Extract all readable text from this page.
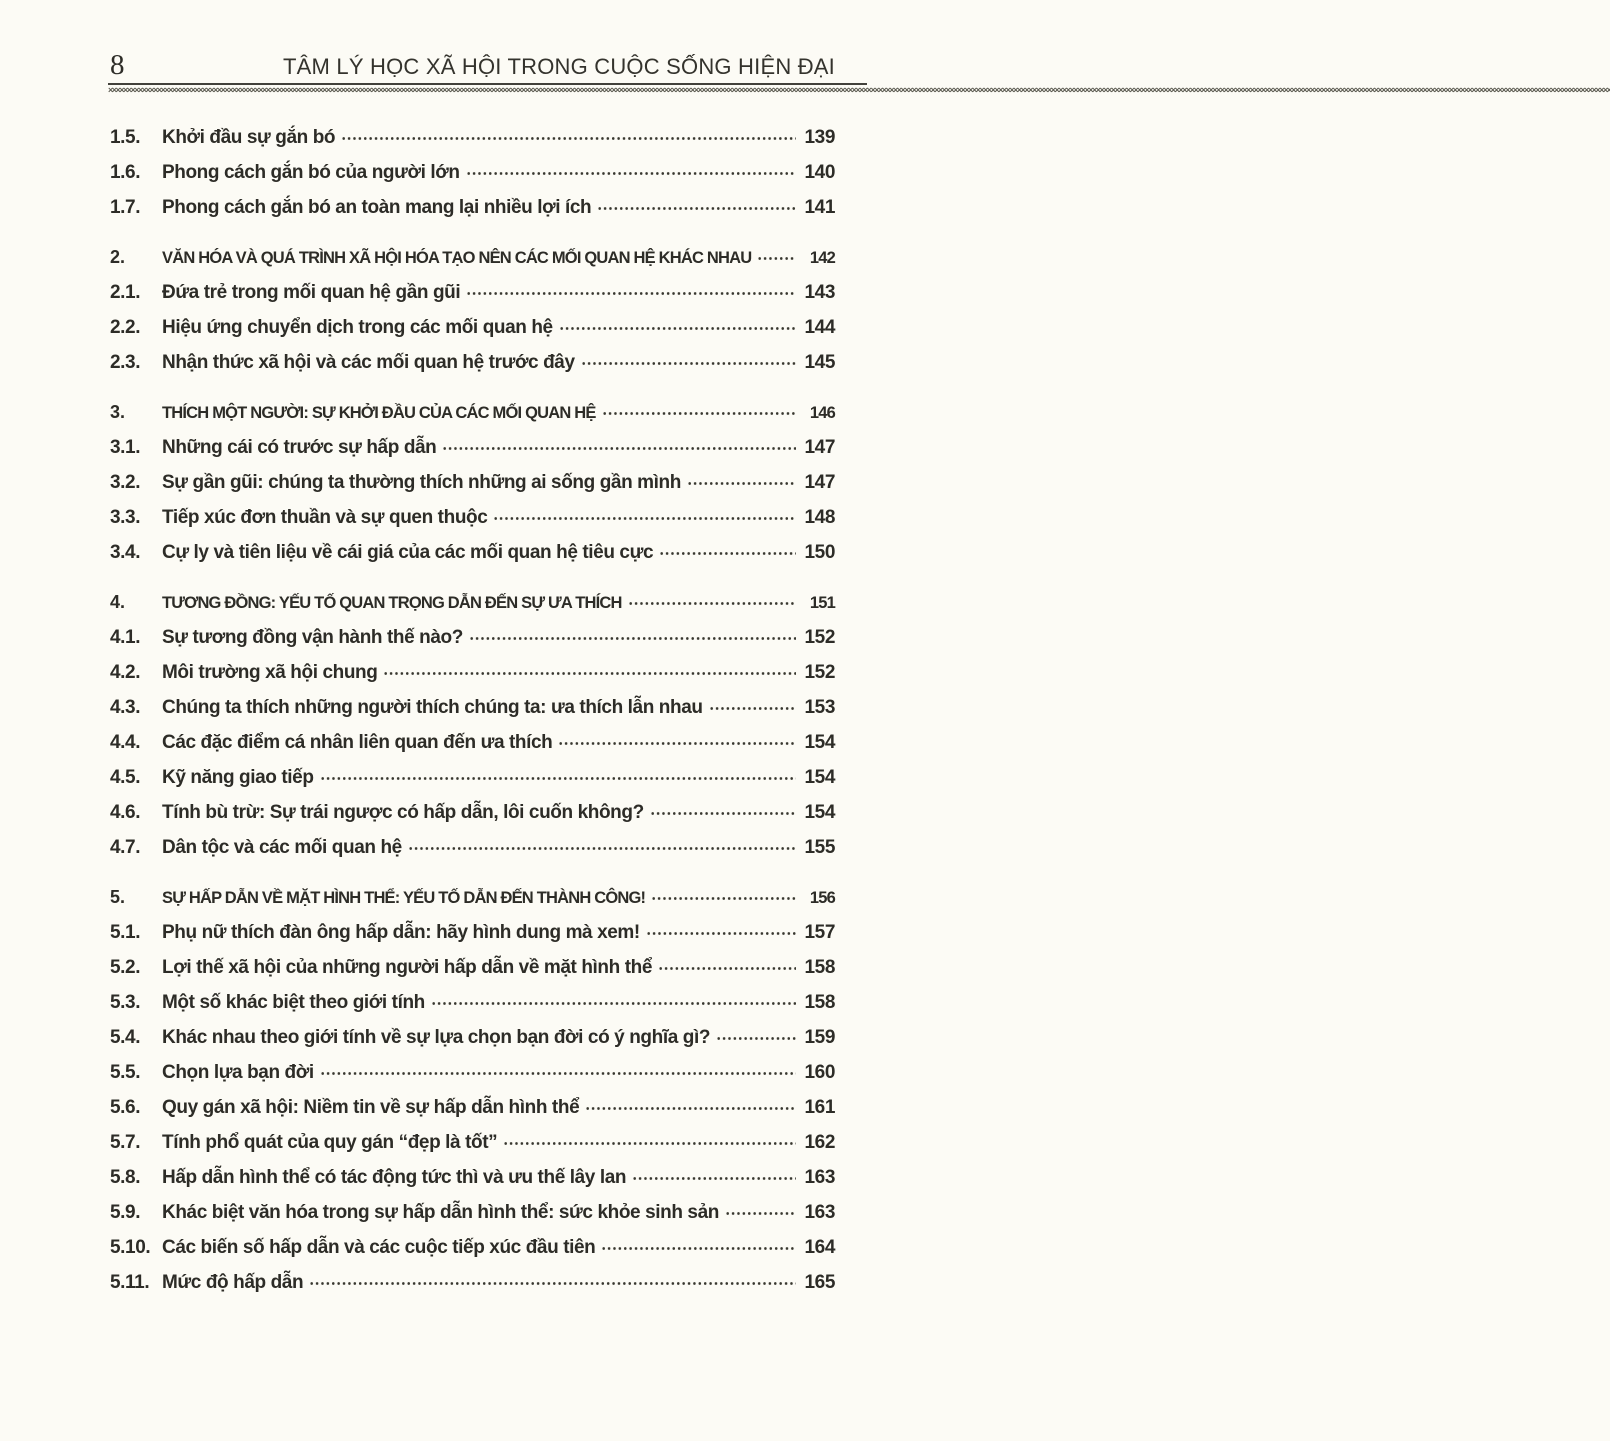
8	TÂM LÝ HỌC XÃ HỘI TRONG CUỘC SỐNG HIỆN ĐẠI
××××××××××××××××××××××××××××××××××××××××××××××××××××××××××××××××××××××××××××××××××××××××××××××××××××××××××××××××××××××××××××××××××××××××××××××××××××××××××××××××××××××××××××××××××××××××××××××××××××××××××××××××××××××××××××××××××××××××××××××××××××××××××××××××××××××××××××××××××××××××××××××××××××××××××××××××××××××××××××××××××××××××××××××××××××××××××××××××××××××××××××××××××××××××××××××××××××××××××××××××
1.5.	Khởi đầu sự gắn bó	139
1.6.	Phong cách gắn bó của người lớn	140
1.7.	Phong cách gắn bó an toàn mang lại nhiều lợi ích	141
2.	VĂN HÓA VÀ QUÁ TRÌNH XÃ HỘI HÓA TẠO NÊN CÁC MỐI QUAN HỆ KHÁC NHAU	142
2.1.	Đứa trẻ trong mối quan hệ gần gũi	143
2.2.	Hiệu ứng chuyển dịch trong các mối quan hệ	144
2.3.	Nhận thức xã hội và các mối quan hệ trước đây	145
3.	THÍCH MỘT NGƯỜI: SỰ KHỞI ĐẦU CỦA CÁC MỐI QUAN HỆ	146
3.1.	Những cái có trước sự hấp dẫn	147
3.2.	Sự gần gũi: chúng ta thường thích những ai sống gần mình	147
3.3.	Tiếp xúc đơn thuần và sự quen thuộc	148
3.4.	Cự ly và tiên liệu về cái giá của các mối quan hệ tiêu cực	150
4.	TƯƠNG ĐỒNG: YẾU TỐ QUAN TRỌNG DẪN ĐẾN SỰ ƯA THÍCH	151
4.1.	Sự tương đồng vận hành thế nào?	152
4.2.	Môi trường xã hội chung	152
4.3.	Chúng ta thích những người thích chúng ta: ưa thích lẫn nhau	153
4.4.	Các đặc điểm cá nhân liên quan đến ưa thích	154
4.5.	Kỹ năng giao tiếp	154
4.6.	Tính bù trừ: Sự trái ngược có hấp dẫn, lôi cuốn không?	154
4.7.	Dân tộc và các mối quan hệ	155
5.	SỰ HẤP DẪN VỀ MẶT HÌNH THỂ: YẾU TỐ DẪN ĐẾN THÀNH CÔNG!	156
5.1.	Phụ nữ thích đàn ông hấp dẫn: hãy hình dung mà xem!	157
5.2.	Lợi thế xã hội của những người hấp dẫn về mặt hình thể	158
5.3.	Một số khác biệt theo giới tính	158
5.4.	Khác nhau theo giới tính về sự lựa chọn bạn đời có ý nghĩa gì?	159
5.5.	Chọn lựa bạn đời	160
5.6.	Quy gán xã hội: Niềm tin về sự hấp dẫn hình thể	161
5.7.	Tính phổ quát của quy gán “đẹp là tốt”	162
5.8.	Hấp dẫn hình thể có tác động tức thì và ưu thế lây lan	163
5.9.	Khác biệt văn hóa trong sự hấp dẫn hình thể: sức khỏe sinh sản	163
5.10. Các biến số hấp dẫn và các cuộc tiếp xúc đầu tiên	164
5.11. Mức độ hấp dẫn	165
